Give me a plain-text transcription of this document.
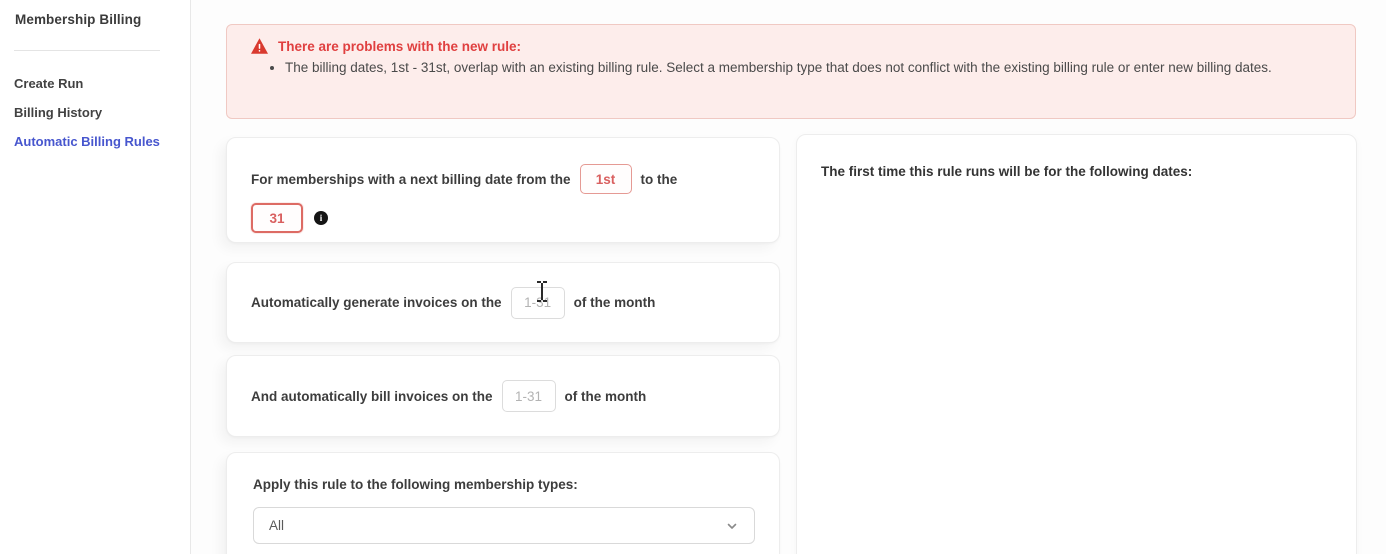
Membership Billing
Create Run
Billing History
Automatic Billing Rules
There are problems with the new rule:
• The billing dates, 1st - 31st, overlap with an existing billing rule. Select a membership type that does not conflict with the existing billing rule or enter new billing dates.
For memberships with a next billing date from the
1st	to the
31
i
Automatically generate invoices on the
1-31	of the month
And automatically bill invoices on the
1-31	of the month
Apply this rule to the following membership types:
All
The first time this rule runs will be for the following dates:
